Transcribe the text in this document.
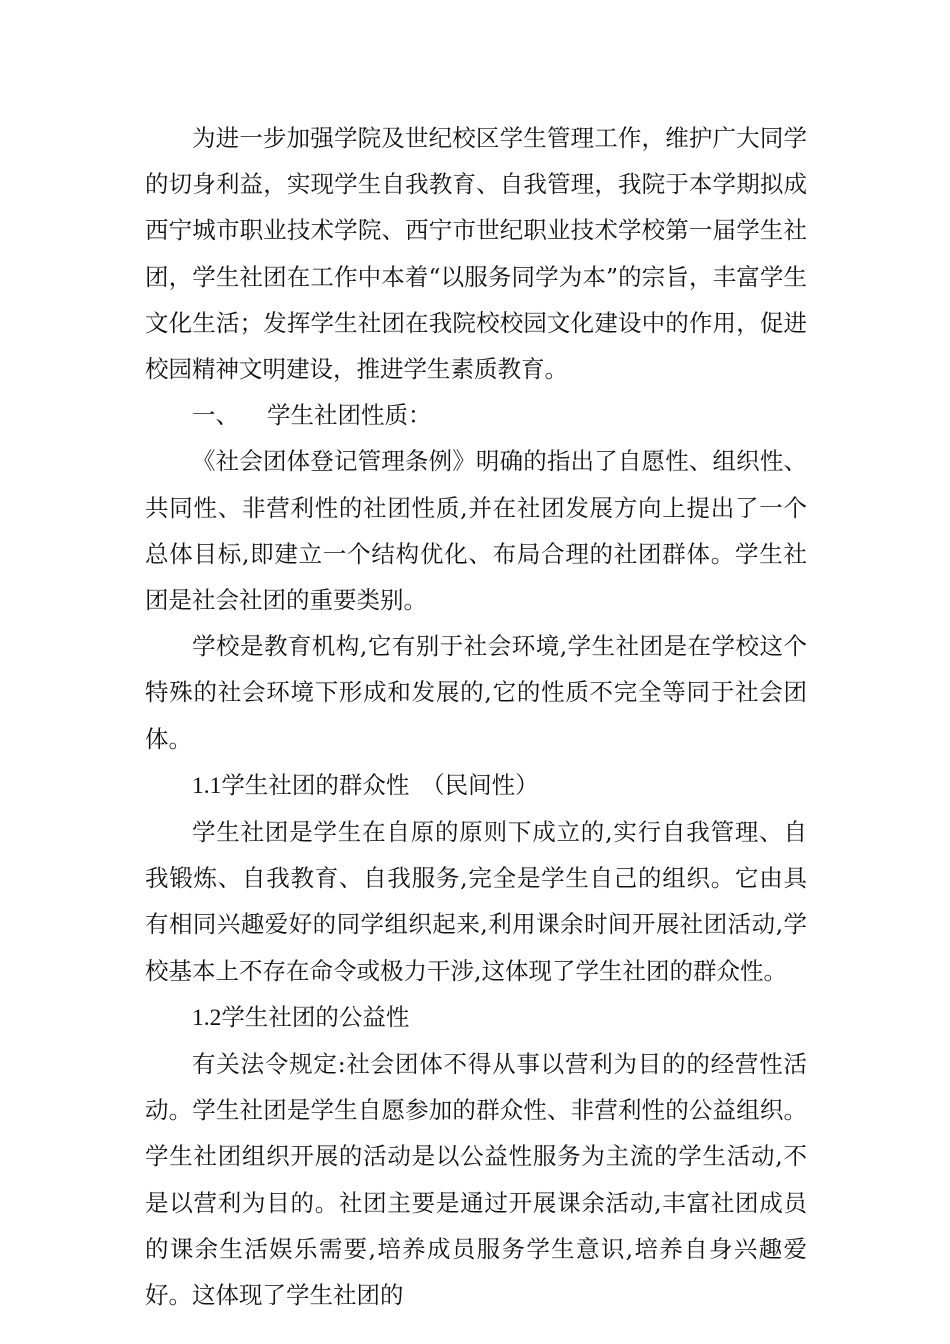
为进一步加强学院及世纪校区学生管理工作，维护广大同学的切身利益，实现学生自我教育、自我管理，我院于本学期拟成西宁城市职业技术学院、西宁市世纪职业技术学校第一届学生社团，学生社团在工作中本着“以服务同学为本”的宗旨，丰富学生文化生活；发挥学生社团在我院校校园文化建设中的作用，促进校园精神文明建设，推进学生素质教育。

一、 学生社团性质：

《社会团体登记管理条例》明确的指出了自愿性、组织性、共同性、非营利性的社团性质,并在社团发展方向上提出了一个总体目标,即建立一个结构优化、布局合理的社团群体。学生社团是社会社团的重要类别。

学校是教育机构,它有别于社会环境,学生社团是在学校这个特殊的社会环境下形成和发展的,它的性质不完全等同于社会团体。

1.1学生社团的群众性　（民间性）

学生社团是学生在自原的原则下成立的,实行自我管理、自我锻炼、自我教育、自我服务,完全是学生自己的组织。它由具有相同兴趣爱好的同学组织起来,利用课余时间开展社团活动,学校基本上不存在命令或极力干涉,这体现了学生社团的群众性。

1.2学生社团的公益性

有关法令规定:社会团体不得从事以营利为目的的经营性活动。学生社团是学生自愿参加的群众性、非营利性的公益组织。学生社团组织开展的活动是以公益性服务为主流的学生活动,不是以营利为目的。社团主要是通过开展课余活动,丰富社团成员的课余生活娱乐需要,培养成员服务学生意识,培养自身兴趣爱好。这体现了学生社团的
